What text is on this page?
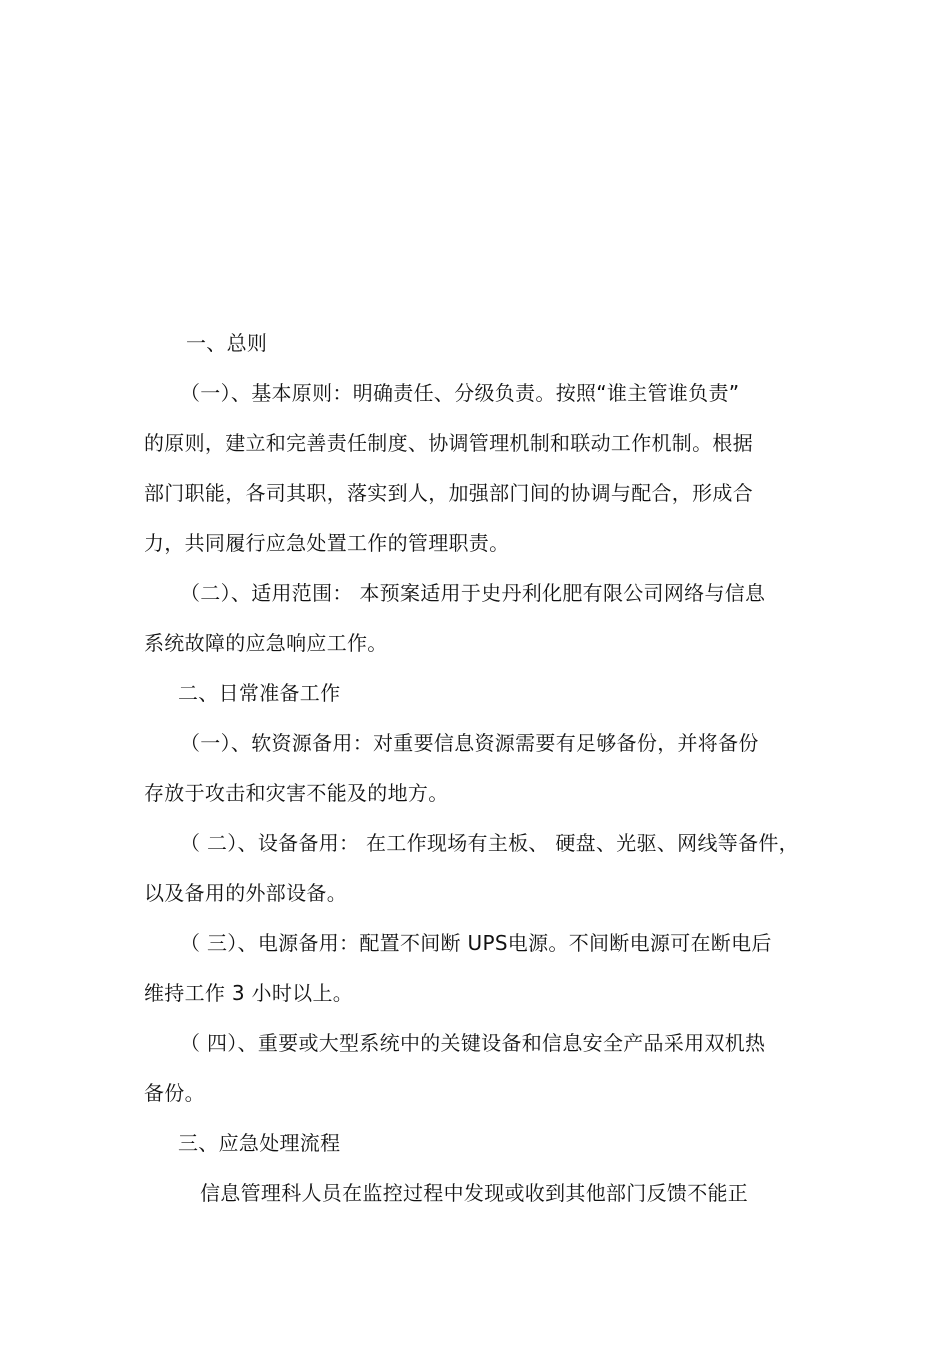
一、总则
（一）、基本原则：明确责任、分级负责。按照“谁主管谁负责”
的原则，建立和完善责任制度、协调管理机制和联动工作机制。根据
部门职能，各司其职，落实到人，加强部门间的协调与配合，形成合
力，共同履行应急处置工作的管理职责。
（二）、适用范围： 本预案适用于史丹利化肥有限公司网络与信息
系统故障的应急响应工作。
二、日常准备工作
（一）、软资源备用：对重要信息资源需要有足够备份，并将备份
存放于攻击和灾害不能及的地方。
（ 二）、设备备用： 在工作现场有主板、 硬盘、光驱、网线等备件，
以及备用的外部设备。
（ 三）、电源备用：配置不间断 UPS电源。不间断电源可在断电后
维持工作 3 小时以上。
（ 四）、重要或大型系统中的关键设备和信息安全产品采用双机热
备份。
三、应急处理流程
信息管理科人员在监控过程中发现或收到其他部门反馈不能正
